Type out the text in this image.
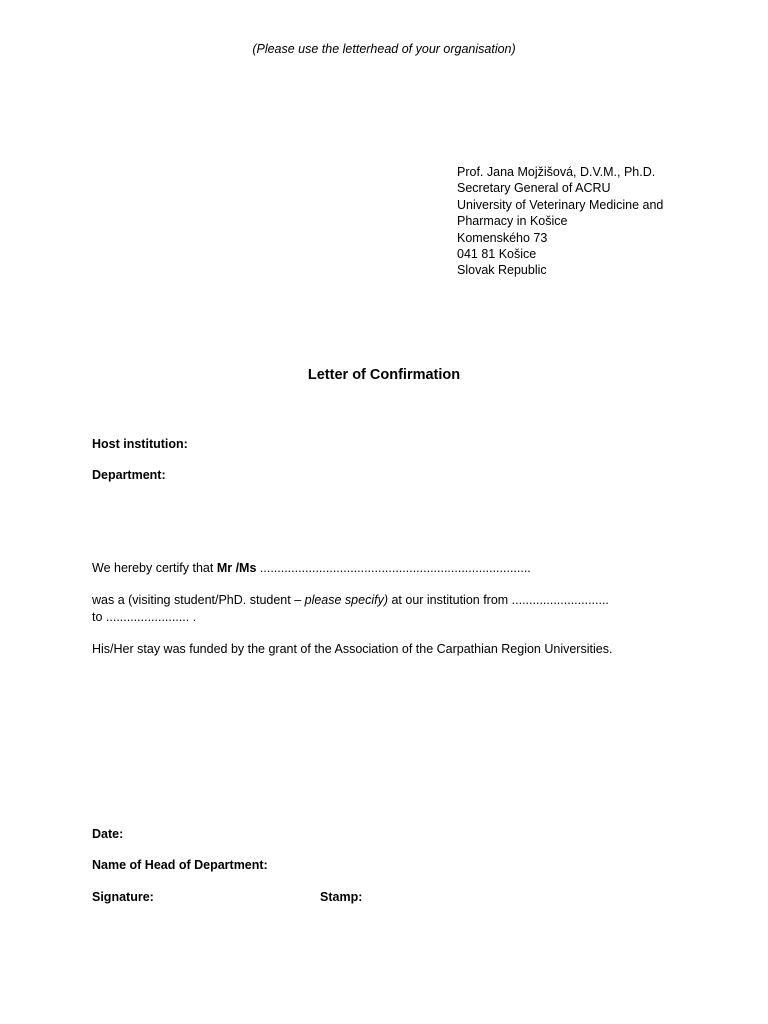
(Please use the letterhead of your organisation)
Prof. Jana Mojžišová, D.V.M., Ph.D.
Secretary General of ACRU
University of Veterinary Medicine and
Pharmacy in Košice
Komenského 73
041 81 Košice
Slovak Republic
Letter of Confirmation
Host institution:
Department:
We hereby certify that Mr /Ms ..............................................................................
was a (visiting student/PhD. student – please specify) at our institution from ............................
to ........................ .
His/Her stay was funded by the grant of the Association of the Carpathian Region Universities.
Date:
Name of Head of Department:
Signature:	Stamp:
